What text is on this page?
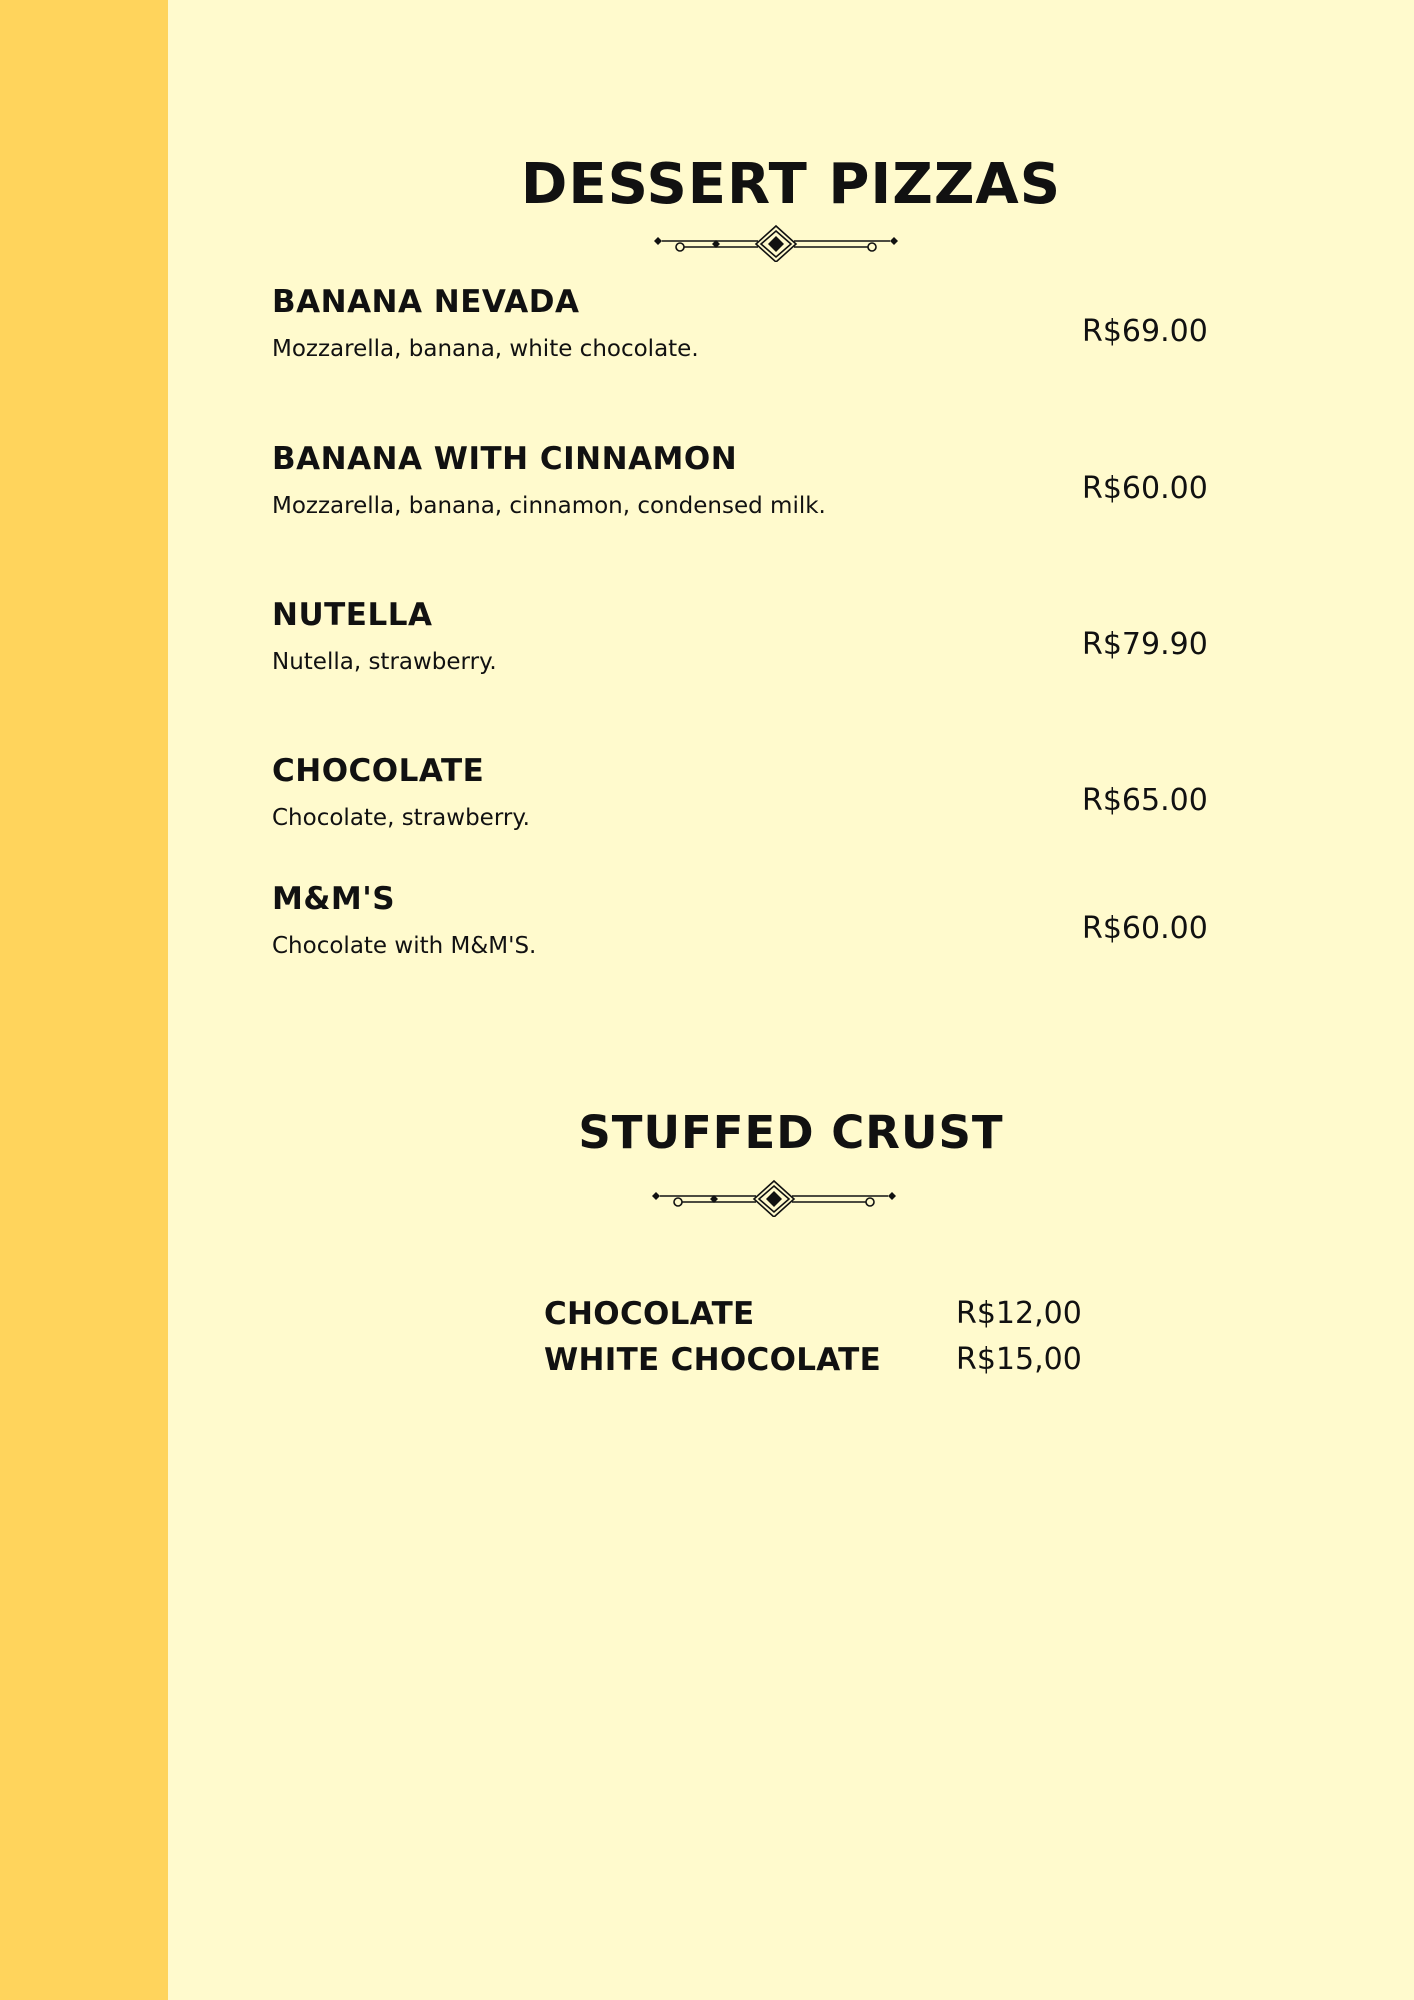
DESSERT PIZZAS
BANANA NEVADA
Mozzarella, banana, white chocolate.	R$69.00
BANANA WITH CINNAMON
Mozzarella, banana, cinnamon, condensed milk.	R$60.00
NUTELLA
Nutella, strawberry.	R$79.90
CHOCOLATE
Chocolate, strawberry.	R$65.00
M&M'S
Chocolate with M&M'S.	R$60.00
STUFFED CRUST
CHOCOLATE	R$12,00
WHITE CHOCOLATE R$15,00
